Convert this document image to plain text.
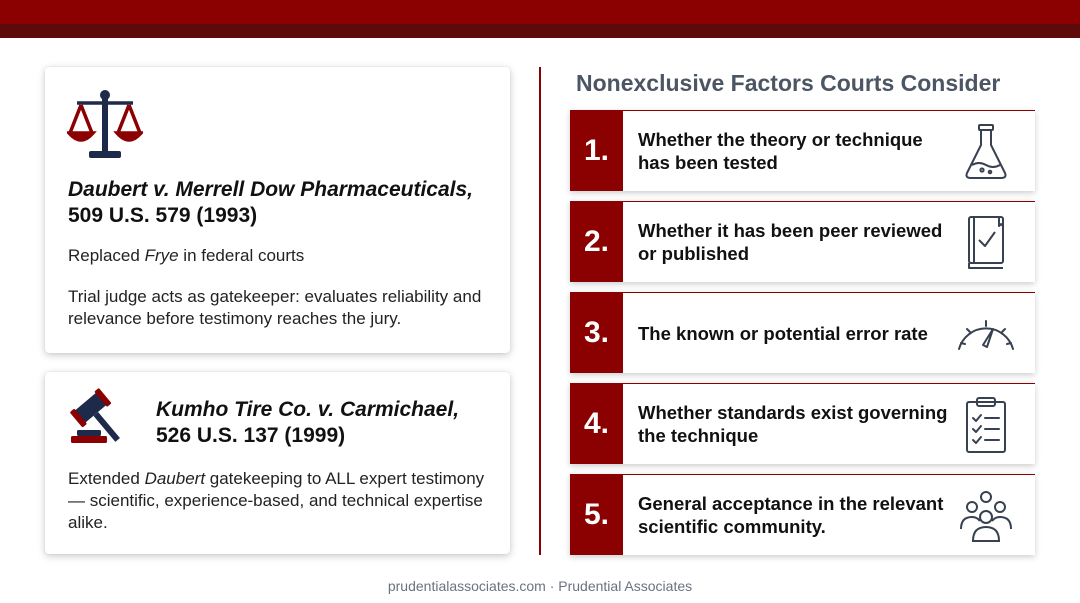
Daubert v. Merrell Dow Pharmaceuticals,
509 U.S. 579 (1993)
Replaced Frye in federal courts
Trial judge acts as gatekeeper: evaluates reliability and relevance before testimony reaches the jury.
Kumho Tire Co. v. Carmichael,
526 U.S. 137 (1999)
Extended Daubert gatekeeping to ALL expert testimony — scientific, experience-based, and technical expertise alike.
Nonexclusive Factors Courts Consider
1.	Whether the theory or technique has been tested
2.	Whether it has been peer reviewed or published
3.	The known or potential error rate
4.	Whether standards exist governing the technique
5.	General acceptance in the relevant scientific community.
prudentialassociates.com · Prudential Associates
